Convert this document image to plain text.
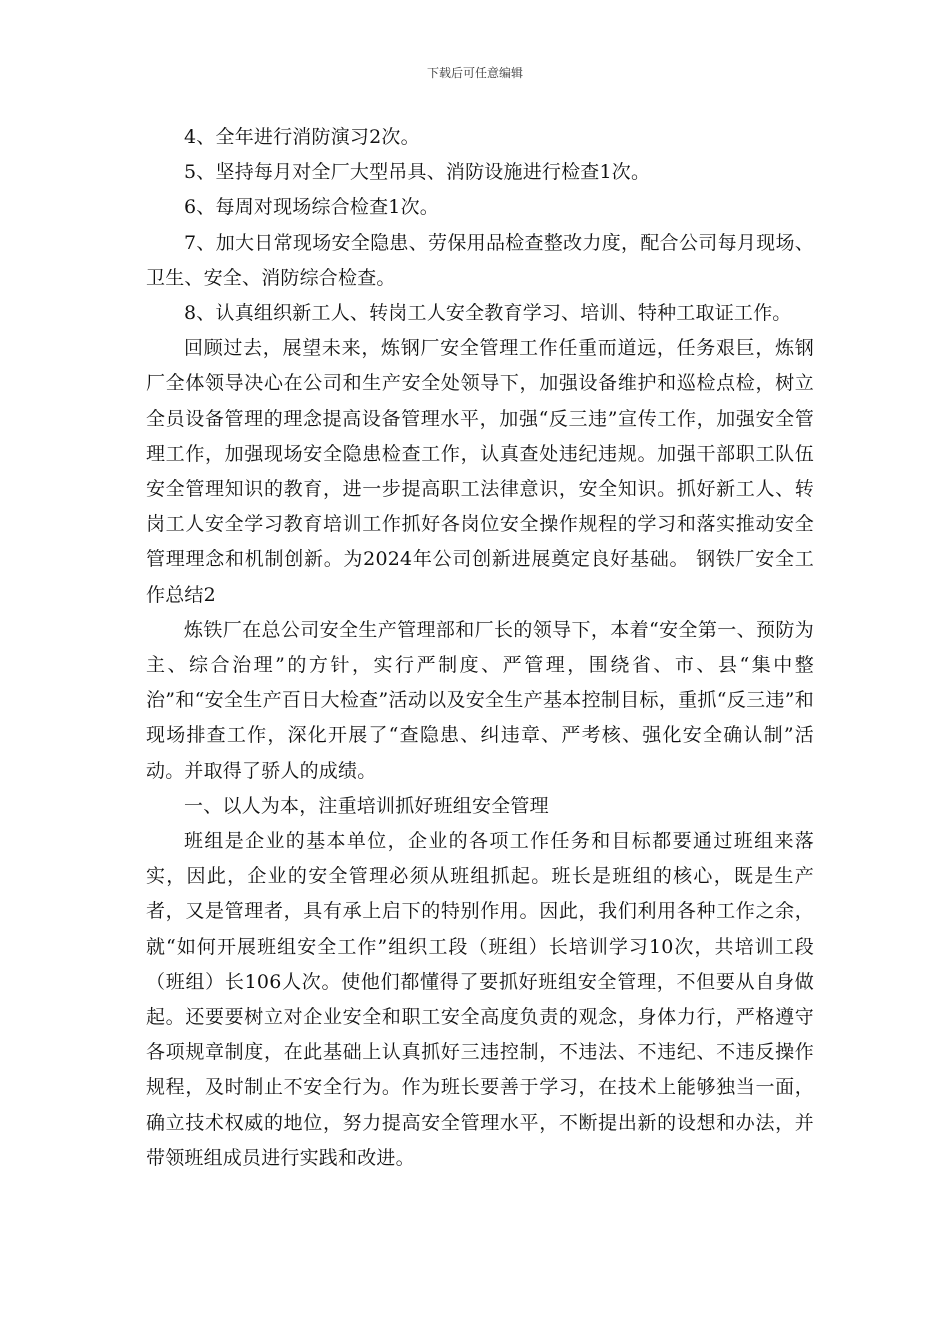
下载后可任意编辑

4、全年进行消防演习2次。

5、坚持每月对全厂大型吊具、消防设施进行检查1次。

6、每周对现场综合检查1次。

7、加大日常现场安全隐患、劳保用品检查整改力度，配合公司每月现场、卫生、安全、消防综合检查。

8、认真组织新工人、转岗工人安全教育学习、培训、特种工取证工作。

回顾过去，展望未来，炼钢厂安全管理工作任重而道远，任务艰巨，炼钢厂全体领导决心在公司和生产安全处领导下，加强设备维护和巡检点检，树立全员设备管理的理念提高设备管理水平，加强“反三违”宣传工作，加强安全管理工作，加强现场安全隐患检查工作，认真查处违纪违规。加强干部职工队伍安全管理知识的教育，进一步提高职工法律意识，安全知识。抓好新工人、转岗工人安全学习教育培训工作抓好各岗位安全操作规程的学习和落实推动安全管理理念和机制创新。为2024年公司创新进展奠定良好基础。 钢铁厂安全工作总结2

炼铁厂在总公司安全生产管理部和厂长的领导下，本着“安全第一、预防为主、综合治理”的方针，实行严制度、严管理，围绕省、市、县“集中整治”和“安全生产百日大检查”活动以及安全生产基本控制目标，重抓“反三违”和现场排查工作，深化开展了“查隐患、纠违章、严考核、强化安全确认制”活动。并取得了骄人的成绩。

一、以人为本，注重培训抓好班组安全管理

班组是企业的基本单位，企业的各项工作任务和目标都要通过班组来落实，因此，企业的安全管理必须从班组抓起。班长是班组的核心，既是生产者，又是管理者，具有承上启下的特别作用。因此，我们利用各种工作之余，就“如何开展班组安全工作”组织工段（班组）长培训学习10次，共培训工段（班组）长106人次。使他们都懂得了要抓好班组安全管理，不但要从自身做起。还要要树立对企业安全和职工安全高度负责的观念，身体力行，严格遵守各项规章制度，在此基础上认真抓好三违控制，不违法、不违纪、不违反操作规程，及时制止不安全行为。作为班长要善于学习，在技术上能够独当一面，确立技术权威的地位，努力提高安全管理水平，不断提出新的设想和办法，并带领班组成员进行实践和改进。
